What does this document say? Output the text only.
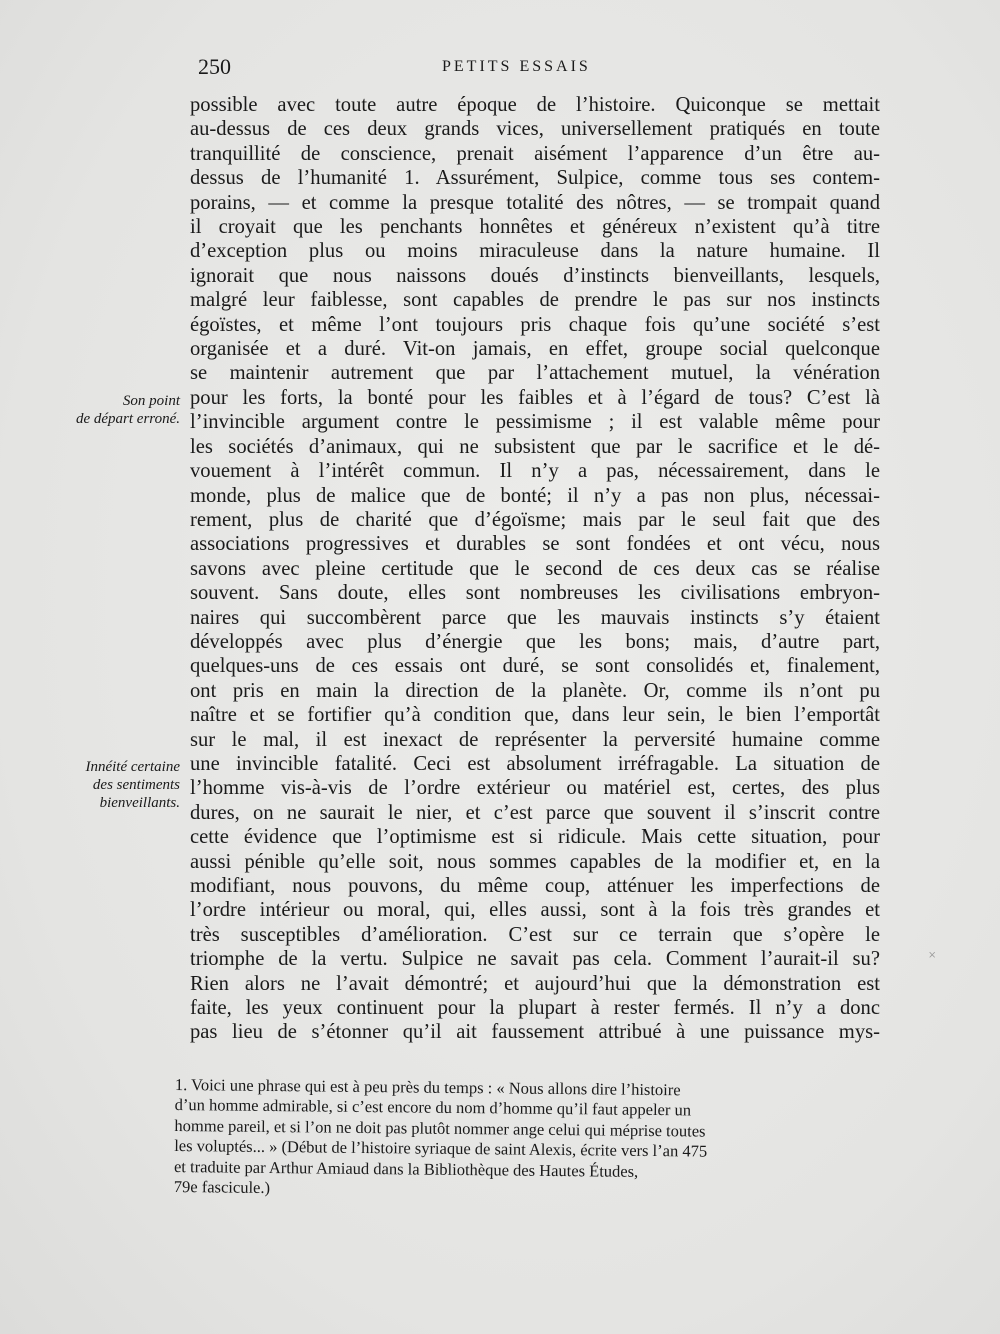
250	PETITS ESSAIS
Son point
de départ erroné.
Innéité certaine
des sentiments
bienveillants.
possible avec toute autre époque de l’histoire. Quiconque se mettait
au-dessus de ces deux grands vices, universellement pratiqués en toute
tranquillité de conscience, prenait aisément l’apparence d’un être au-
dessus de l’humanité 1. Assurément, Sulpice, comme tous ses contem-
porains, — et comme la presque totalité des nôtres, — se trompait quand
il croyait que les penchants honnêtes et généreux n’existent qu’à titre
d’exception plus ou moins miraculeuse dans la nature humaine. Il
ignorait que nous naissons doués d’instincts bienveillants, lesquels,
malgré leur faiblesse, sont capables de prendre le pas sur nos instincts
égoïstes, et même l’ont toujours pris chaque fois qu’une société s’est
organisée et a duré. Vit-on jamais, en effet, groupe social quelconque
se maintenir autrement que par l’attachement mutuel, la vénération
pour les forts, la bonté pour les faibles et à l’égard de tous? C’est là
l’invincible argument contre le pessimisme ; il est valable même pour
les sociétés d’animaux, qui ne subsistent que par le sacrifice et le dé-
vouement à l’intérêt commun. Il n’y a pas, nécessairement, dans le
monde, plus de malice que de bonté; il n’y a pas non plus, nécessai-
rement, plus de charité que d’égoïsme; mais par le seul fait que des
associations progressives et durables se sont fondées et ont vécu, nous
savons avec pleine certitude que le second de ces deux cas se réalise
souvent. Sans doute, elles sont nombreuses les civilisations embryon-
naires qui succombèrent parce que les mauvais instincts s’y étaient
développés avec plus d’énergie que les bons; mais, d’autre part,
quelques-uns de ces essais ont duré, se sont consolidés et, finalement,
ont pris en main la direction de la planète. Or, comme ils n’ont pu
naître et se fortifier qu’à condition que, dans leur sein, le bien l’emportât
sur le mal, il est inexact de représenter la perversité humaine comme
une invincible fatalité. Ceci est absolument irréfragable. La situation de
l’homme vis-à-vis de l’ordre extérieur ou matériel est, certes, des plus
dures, on ne saurait le nier, et c’est parce que souvent il s’inscrit contre
cette évidence que l’optimisme est si ridicule. Mais cette situation, pour
aussi pénible qu’elle soit, nous sommes capables de la modifier et, en la
modifiant, nous pouvons, du même coup, atténuer les imperfections de
l’ordre intérieur ou moral, qui, elles aussi, sont à la fois très grandes et
très susceptibles d’amélioration. C’est sur ce terrain que s’opère le
triomphe de la vertu. Sulpice ne savait pas cela. Comment l’aurait-il su?
Rien alors ne l’avait démontré; et aujourd’hui que la démonstration est
faite, les yeux continuent pour la plupart à rester fermés. Il n’y a donc
pas lieu de s’étonner qu’il ait faussement attribué à une puissance mys-
1. Voici une phrase qui est à peu près du temps : « Nous allons dire l’histoire
d’un homme admirable, si c’est encore du nom d’homme qu’il faut appeler un
homme pareil, et si l’on ne doit pas plutôt nommer ange celui qui méprise toutes
les voluptés... » (Début de l’histoire syriaque de saint Alexis, écrite vers l’an 475
et traduite par Arthur Amiaud dans la Bibliothèque des Hautes Études,
79e fascicule.)
×
